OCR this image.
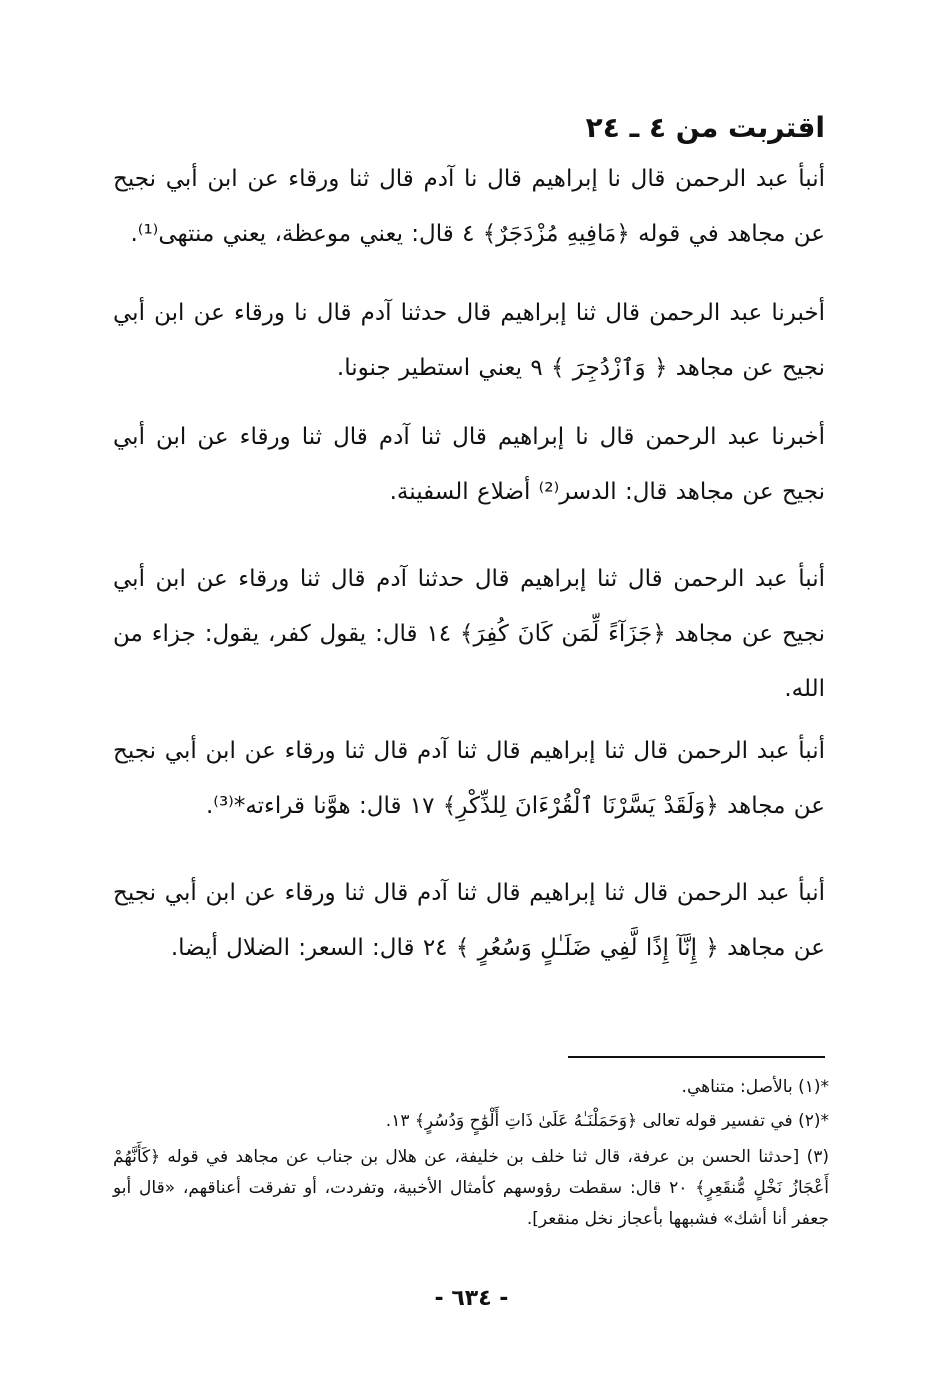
اقتربت من ٤ ـ ٢٤
أنبأ عبد الرحمن قال نا إبراهيم قال نا آدم قال ثنا ورقاء عن ابن أبي نجيح عن مجاهد في قوله ﴿مَافِيهِ مُزْدَجَرٌ﴾ ٤ قال: يعني موعظة، يعني منتهى⁽¹⁾.
أخبرنا عبد الرحمن قال ثنا إبراهيم قال حدثنا آدم قال نا ورقاء عن ابن أبي نجيح عن مجاهد ﴿ وَٱزْدُجِرَ ﴾ ٩ يعني استطير جنونا.
أخبرنا عبد الرحمن قال نا إبراهيم قال ثنا آدم قال ثنا ورقاء عن ابن أبي نجيح عن مجاهد قال: الدسر⁽²⁾ أضلاع السفينة.
أنبأ عبد الرحمن قال ثنا إبراهيم قال حدثنا آدم قال ثنا ورقاء عن ابن أبي نجيح عن مجاهد ﴿جَزَآءً لِّمَن كَانَ كُفِرَ﴾ ١٤ قال: يقول كفر، يقول: جزاء من الله.
أنبأ عبد الرحمن قال ثنا إبراهيم قال ثنا آدم قال ثنا ورقاء عن ابن أبي نجيح عن مجاهد ﴿وَلَقَدْ يَسَّرْنَا ٱلْقُرْءَانَ لِلذِّكْرِ﴾ ١٧ قال: هوَّنا قراءته*⁽³⁾.
أنبأ عبد الرحمن قال ثنا إبراهيم قال ثنا آدم قال ثنا ورقاء عن ابن أبي نجيح عن مجاهد ﴿ إِنَّآ إِذًا لَّفِي ضَلَـٰلٍ وَسُعُرٍ ﴾ ٢٤ قال: السعر: الضلال أيضا.
*(١) بالأصل: متناهي.
*(٢) في تفسير قوله تعالى ﴿وَحَمَلْنَـٰهُ عَلَىٰ ذَاتِ أَلْوَٰحٍ وَدُسُرٍ﴾ ١٣.
(٣) [حدثنا الحسن بن عرفة، قال ثنا خلف بن خليفة، عن هلال بن جناب عن مجاهد في قوله ﴿كَأَنَّهُمْ أَعْجَازُ نَخْلٍ مُّنقَعِرٍ﴾ ٢٠ قال: سقطت رؤوسهم كأمثال الأخبية، وتفردت، أو تفرقت أعناقهم، «قال أبو جعفر أنا أشك» فشبهها بأعجاز نخل منقعر].
- ٦٣٤ -
